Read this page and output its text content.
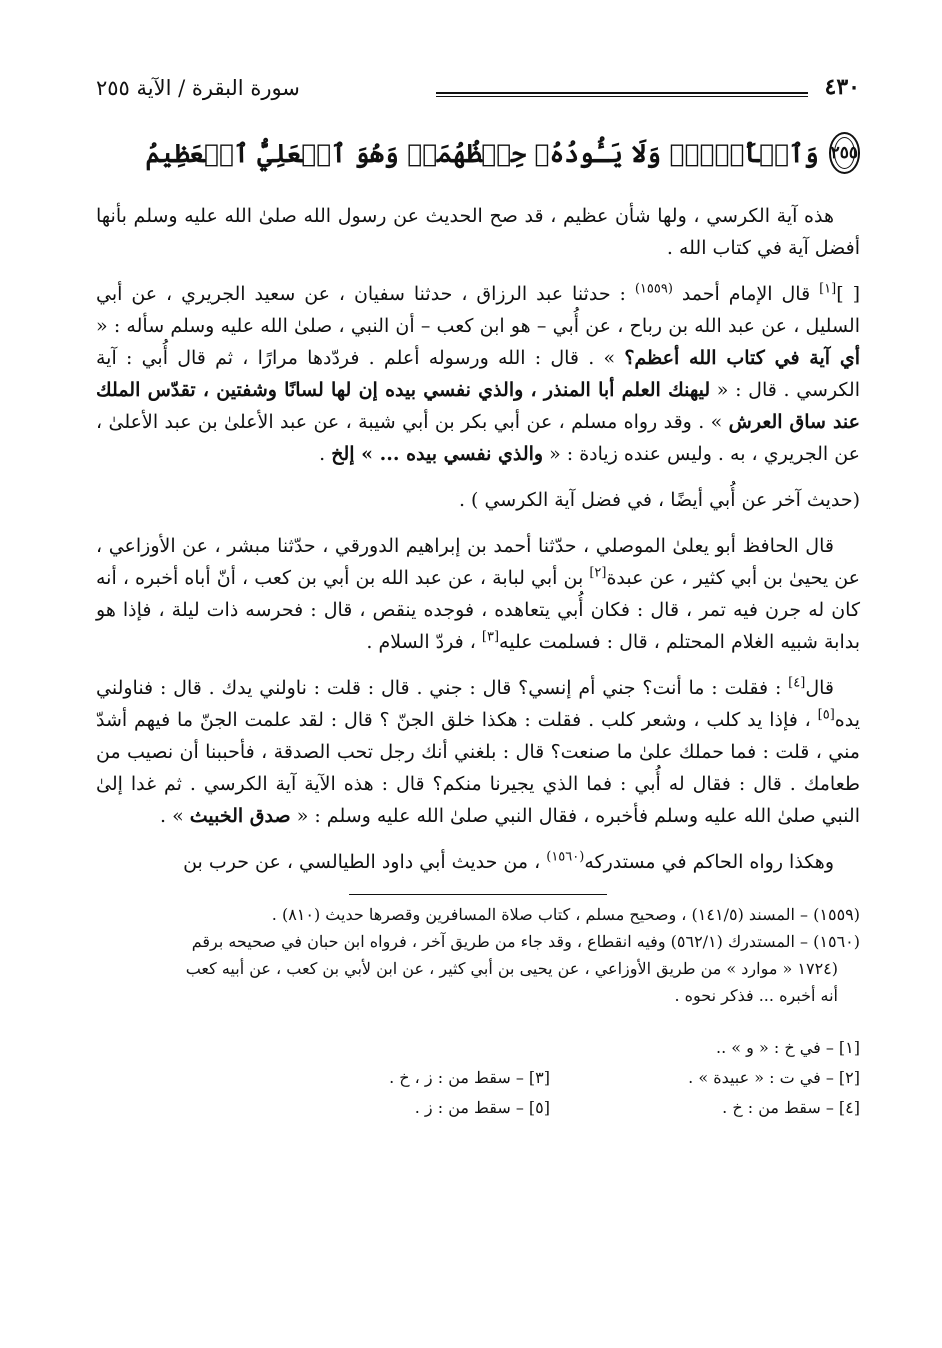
٤٣٠
سورة البقرة / الآية ٢٥٥
وَٱلۡأَرۡضَۖ وَلَا يَـُٔودُهُۥ حِفۡظُهُمَاۚ وَهُوَ ٱلۡعَلِيُّ ٱلۡعَظِيمُ ٢٥٥

هذه آية الكرسي ، ولها شأن عظيم ، قد صح الحديث عن رسول الله صلىٰ الله عليه وسلم بأنها أفضل آية في كتاب الله .

[ ][١] قال الإمام أحمد $^{(١٥٥٩)}$ : حدثنا عبد الرزاق ، حدثنا سفيان ، عن سعيد الجريري ، عن أبي السليل ، عن عبد الله بن رباح ، عن أُبي – هو ابن كعب – أن النبي ، صلىٰ الله عليه وسلم سأله : « أي آية في كتاب الله أعظم؟ » . قال : الله ورسوله أعلم . فردّدها مرارًا ، ثم قال أُبي : آية الكرسي . قال : « ليهنك العلم أبا المنذر ، والذي نفسي بيده إن لها لسانًا وشفتين ، تقدّس الملك عند ساق العرش » . وقد رواه مسلم ، عن أبي بكر بن أبي شيبة ، عن عبد الأعلىٰ بن عبد الأعلىٰ ، عن الجريري ، به . وليس عنده زيادة : « والذي نفسي بيده ... » إلخ .

(حديث آخر عن أُبي أيضًا ، في فضل آية الكرسي ) .

قال الحافظ أبو يعلىٰ الموصلي ، حدّثنا أحمد بن إبراهيم الدورقي ، حدّثنا مبشر ، عن الأوزاعي ، عن يحيىٰ بن أبي كثير ، عن عبدة[٢] بن أبي لبابة ، عن عبد الله بن أبي بن كعب ، أنّ أباه أخبره ، أنه كان له جرن فيه تمر ، قال : فكان أُبي يتعاهده ، فوجده ينقص ، قال : فحرسه ذات ليلة ، فإذا هو بدابة شبيه الغلام المحتلم ، قال : فسلمت عليه[٣] ، فردّ السلام .

قال[٤] : فقلت : ما أنت؟ جني أم إنسي؟ قال : جني . قال : قلت : ناولني يدك . قال : فناولني يده[٥] ، فإذا يد كلب ، وشعر كلب . فقلت : هكذا خلق الجنّ ؟ قال : لقد علمت الجنّ ما فيهم أشدّ مني ، قلت : فما حملك علىٰ ما صنعت؟ قال : بلغني أنك رجل تحب الصدقة ، فأحببنا أن نصيب من طعامك . قال : فقال له أُبي : فما الذي يجيرنا منكم؟ قال : هذه الآية آية الكرسي . ثم غدا إلىٰ النبي صلىٰ الله عليه وسلم فأخبره ، فقال النبي صلىٰ الله عليه وسلم : « صدق الخبيث » .

وهكذا رواه الحاكم في مستدركه$^{(١٥٦٠)}$ ، من حديث أبي داود الطيالسي ، عن حرب بن

(١٥٥٩) – المسند (١٤١/٥) ، وصحيح مسلم ، كتاب صلاة المسافرين وقصرها حديث (٨١٠) .

(١٥٦٠) – المستدرك (٥٦٢/١) وفيه انقطاع ، وقد جاء من طريق آخر ، فرواه ابن حبان في صحيحه برقم

(١٧٢٤ « موارد » من طريق الأوزاعي ، عن يحيى بن أبي كثير ، عن ابن لأبي بن كعب ، عن أبيه كعب

أنه أخبره ... فذكر نحوه .

[١] – في خ : « و » ..
[٢] – في ت : « عبيدة » .
[٣] – سقط من : ز ، خ .
[٤] – سقط من : خ .
[٥] – سقط من : ز .
